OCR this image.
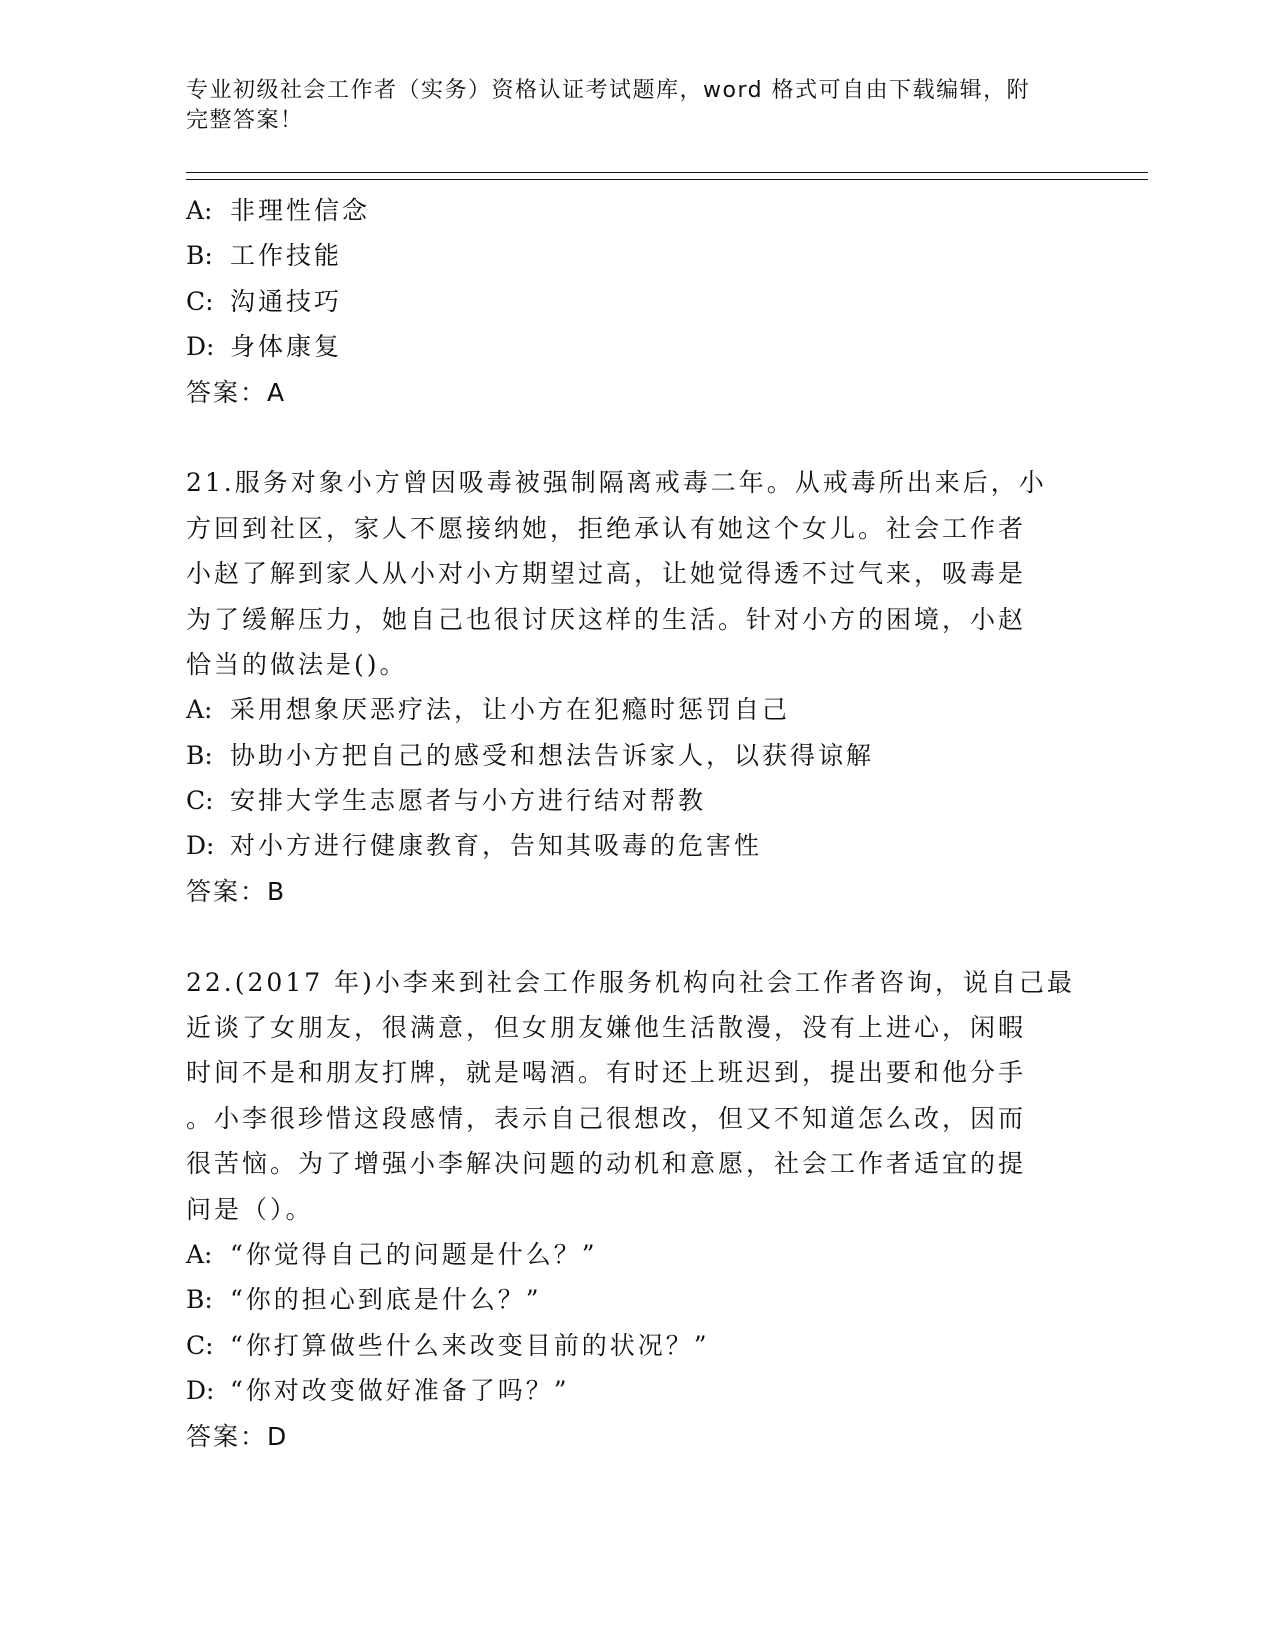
专业初级社会工作者（实务）资格认证考试题库，word 格式可自由下载编辑，附
完整答案！
A: 非理性信念
B: 工作技能
C: 沟通技巧
D: 身体康复
答案：A
21.服务对象小方曾因吸毒被强制隔离戒毒二年。从戒毒所出来后，小
方回到社区，家人不愿接纳她，拒绝承认有她这个女儿。社会工作者
小赵了解到家人从小对小方期望过高，让她觉得透不过气来，吸毒是
为了缓解压力，她自己也很讨厌这样的生活。针对小方的困境，小赵
恰当的做法是()。
A: 采用想象厌恶疗法，让小方在犯瘾时惩罚自己
B: 协助小方把自己的感受和想法告诉家人，以获得谅解
C: 安排大学生志愿者与小方进行结对帮教
D: 对小方进行健康教育，告知其吸毒的危害性
答案：B
22.(2017 年)小李来到社会工作服务机构向社会工作者咨询，说自己最
近谈了女朋友，很满意，但女朋友嫌他生活散漫，没有上进心，闲暇
时间不是和朋友打牌，就是喝酒。有时还上班迟到，提出要和他分手
。小李很珍惜这段感情，表示自己很想改，但又不知道怎么改，因而
很苦恼。为了增强小李解决问题的动机和意愿，社会工作者适宜的提
问是（）。
A: “你觉得自己的问题是什么？”
B: “你的担心到底是什么？”
C: “你打算做些什么来改变目前的状况？”
D: “你对改变做好准备了吗？”
答案：D
